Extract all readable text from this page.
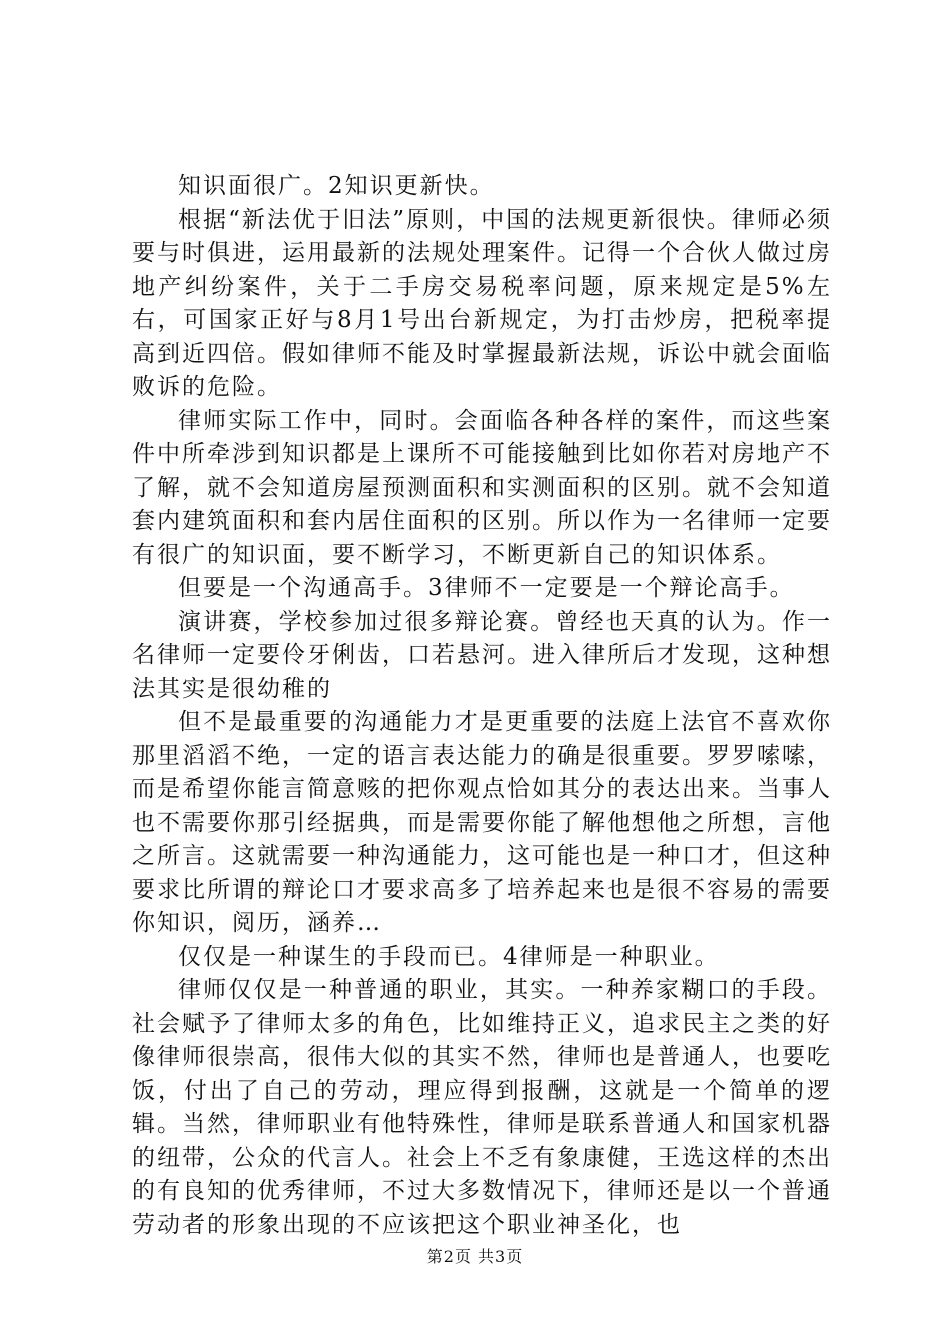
知识面很广。2知识更新快。

根据“新法优于旧法”原则，中国的法规更新很快。律师必须要与时俱进，运用最新的法规处理案件。记得一个合伙人做过房地产纠纷案件，关于二手房交易税率问题，原来规定是5%左右，可国家正好与8月1号出台新规定，为打击炒房，把税率提高到近四倍。假如律师不能及时掌握最新法规，诉讼中就会面临败诉的危险。

律师实际工作中，同时。会面临各种各样的案件，而这些案件中所牵涉到知识都是上课所不可能接触到比如你若对房地产不了解，就不会知道房屋预测面积和实测面积的区别。就不会知道套内建筑面积和套内居住面积的区别。所以作为一名律师一定要有很广的知识面，要不断学习，不断更新自己的知识体系。

但要是一个沟通高手。3律师不一定要是一个辩论高手。

演讲赛，学校参加过很多辩论赛。曾经也天真的认为。作一名律师一定要伶牙俐齿，口若悬河。进入律所后才发现，这种想法其实是很幼稚的

但不是最重要的沟通能力才是更重要的法庭上法官不喜欢你那里滔滔不绝，一定的语言表达能力的确是很重要。罗罗嗦嗦，而是希望你能言简意赅的把你观点恰如其分的表达出来。当事人也不需要你那引经据典，而是需要你能了解他想他之所想，言他之所言。这就需要一种沟通能力，这可能也是一种口才，但这种要求比所谓的辩论口才要求高多了培养起来也是很不容易的需要你知识，阅历，涵养…

仅仅是一种谋生的手段而已。4律师是一种职业。

律师仅仅是一种普通的职业，其实。一种养家糊口的手段。社会赋予了律师太多的角色，比如维持正义，追求民主之类的好像律师很崇高，很伟大似的其实不然，律师也是普通人，也要吃饭，付出了自己的劳动，理应得到报酬，这就是一个简单的逻辑。当然，律师职业有他特殊性，律师是联系普通人和国家机器的纽带，公众的代言人。社会上不乏有象康健，王选这样的杰出的有良知的优秀律师，不过大多数情况下，律师还是以一个普通劳动者的形象出现的不应该把这个职业神圣化，也

第2页 共3页
